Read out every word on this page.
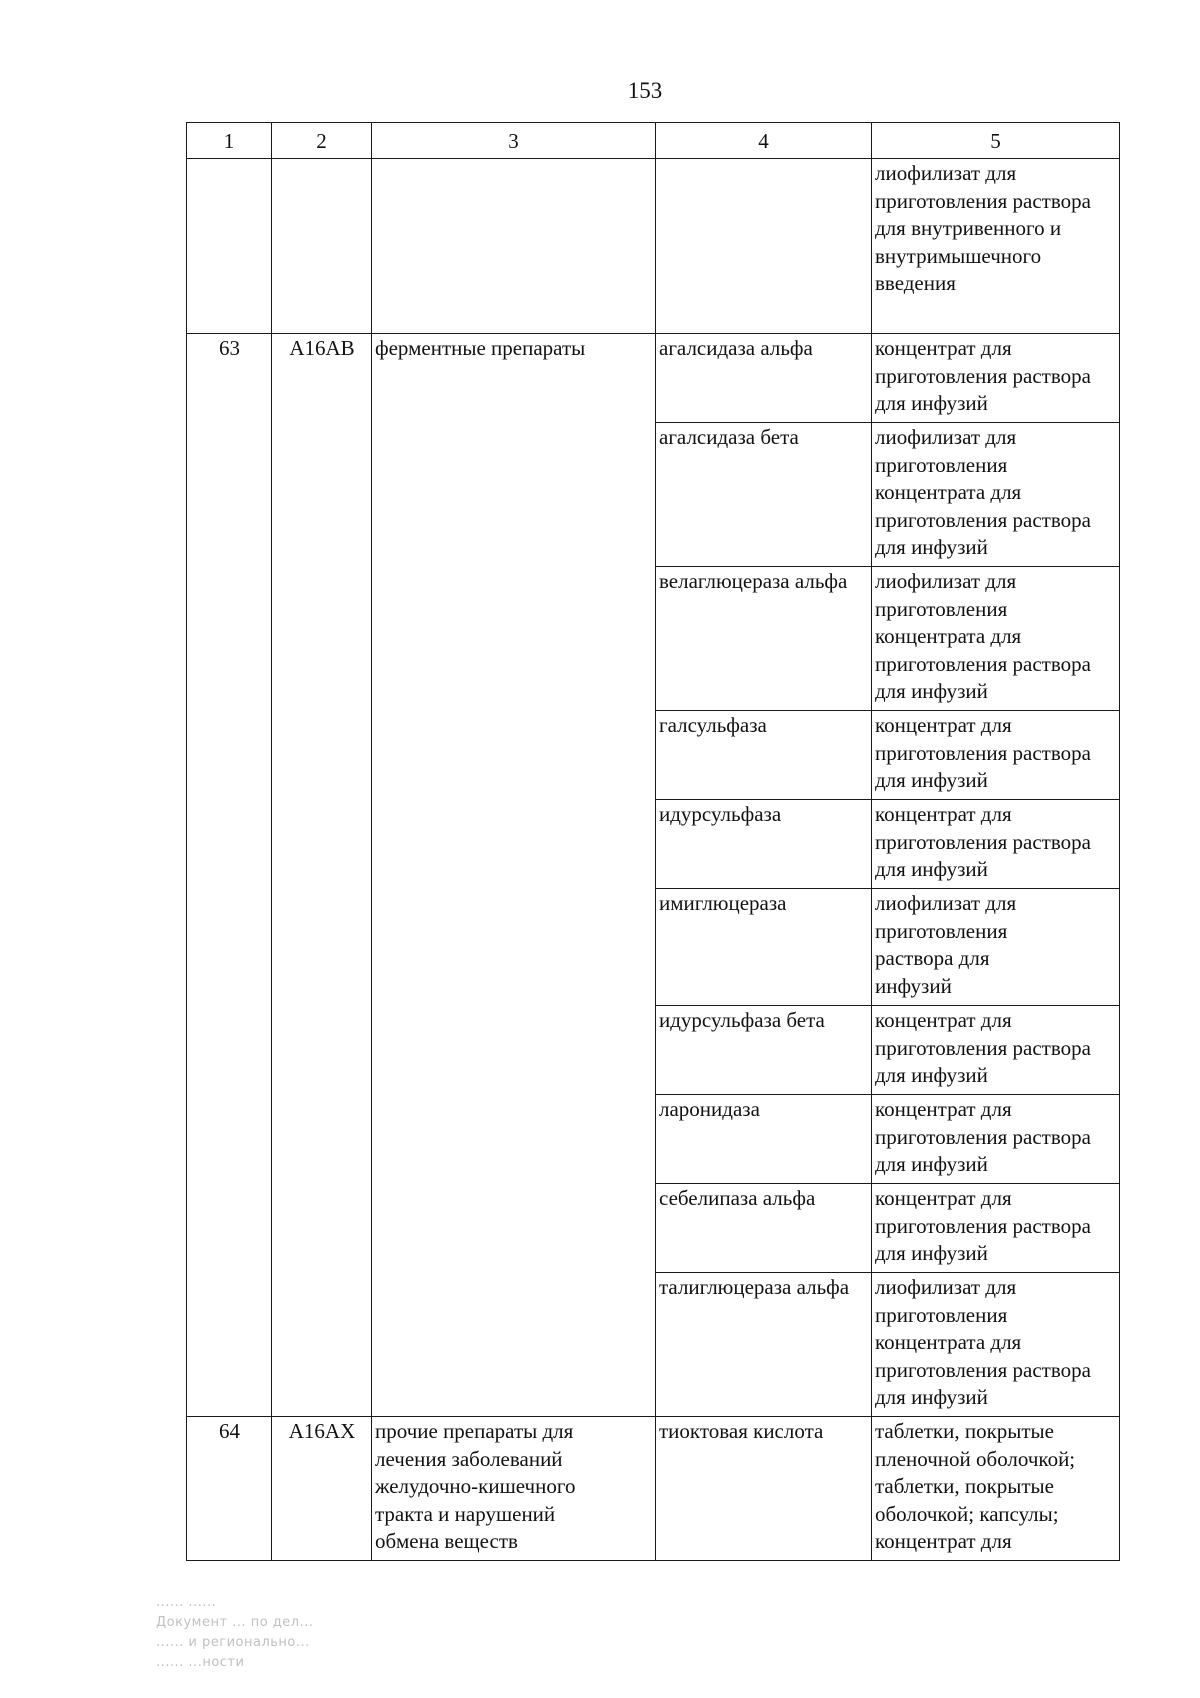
153
1	2	3	4	5
				лиофилизат для приготовления раствора для внутривенного и внутримышечного введения
63	A16AB	ферментные препараты	агалсидаза альфа	концентрат для приготовления раствора для инфузий
			агалсидаза бета	лиофилизат для приготовления концентрата для приготовления раствора для инфузий
			велаглюцераза альфа	лиофилизат для приготовления концентрата для приготовления раствора для инфузий
			галсульфаза	концентрат для приготовления раствора для инфузий
			идурсульфаза	концентрат для приготовления раствора для инфузий
			имиглюцераза	лиофилизат для приготовления раствора для инфузий

			идурсульфаза бета	концентрат для приготовления раствора для инфузий
			ларонидаза	концентрат для приготовления раствора для инфузий
			себелипаза альфа	концентрат для приготовления раствора для инфузий
			талиглюцераза альфа	лиофилизат для приготовления концентрата для приготовления раствора для инфузий
64	A16AX	прочие препараты для лечения заболеваний желудочно-кишечного тракта и нарушений обмена веществ	тиоктовая кислота	таблетки, покрытые пленочной оболочкой; таблетки, покрытые оболочкой; капсулы; концентрат для
...... ......
Документ ... по дел...
...... и регионально...
...... ...ности
